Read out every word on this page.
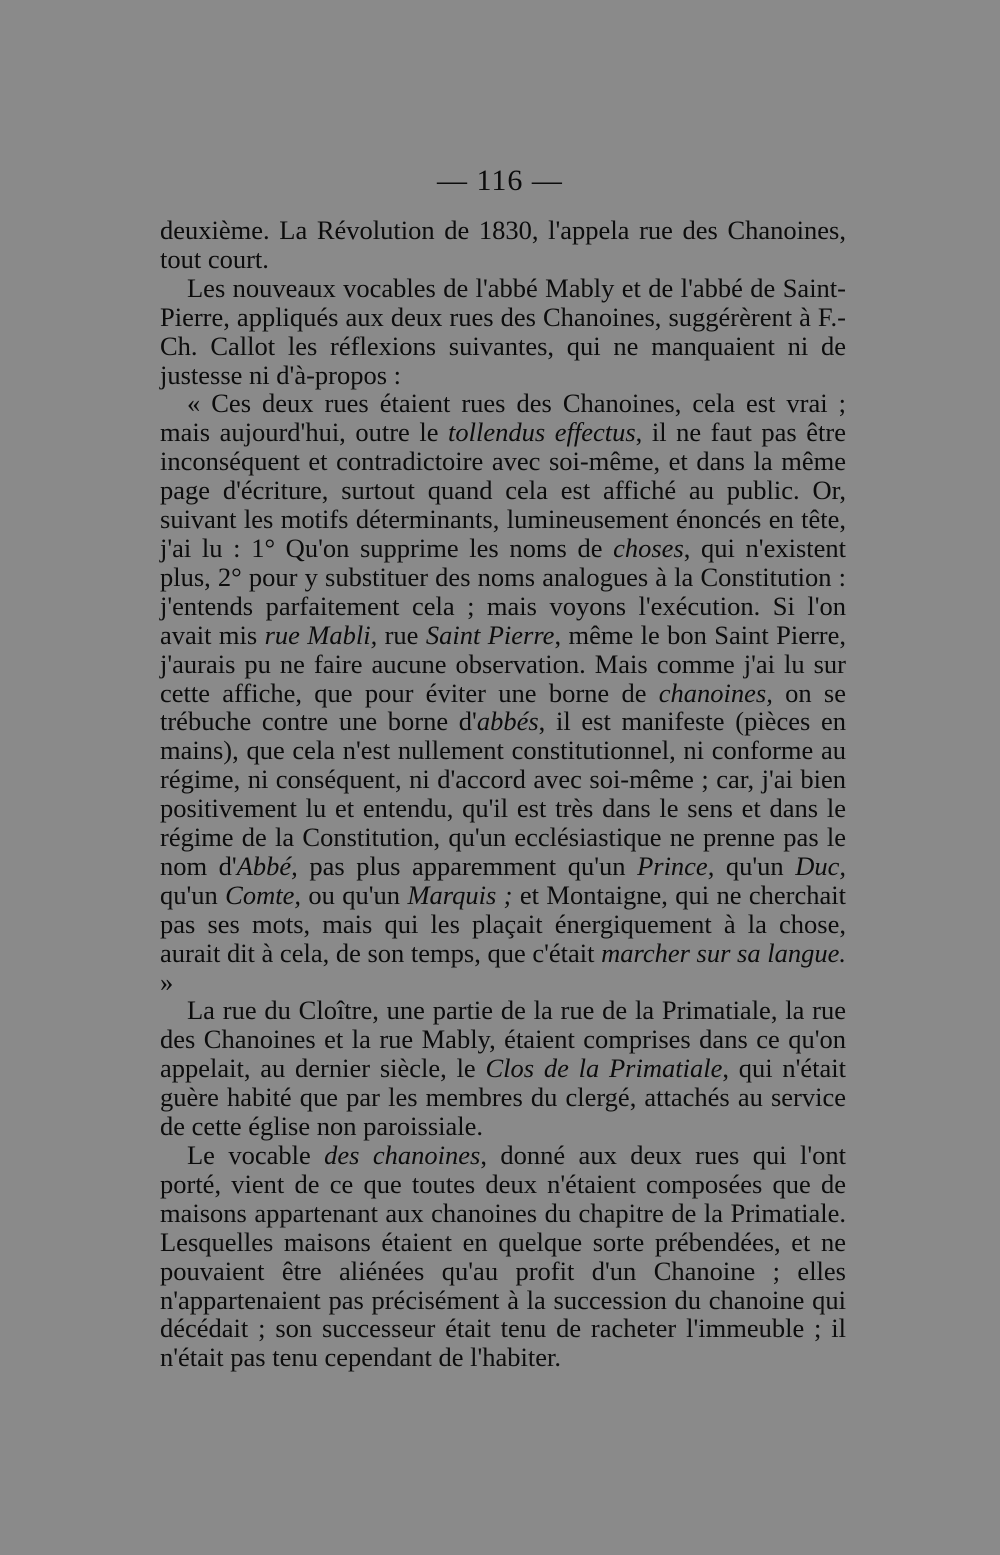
— 116 —

deuxième. La Révolution de 1830, l'appela rue des Chanoines, tout court.

Les nouveaux vocables de l'abbé Mably et de l'abbé de Saint-Pierre, appliqués aux deux rues des Chanoines, suggérèrent à F.-Ch. Callot les réflexions suivantes, qui ne manquaient ni de justesse ni d'à-propos :

« Ces deux rues étaient rues des Chanoines, cela est vrai ; mais aujourd'hui, outre le tollendus effectus, il ne faut pas être inconséquent et contradictoire avec soi-même, et dans la même page d'écriture, surtout quand cela est affiché au public. Or, suivant les motifs déterminants, lumineusement énoncés en tête, j'ai lu : 1° Qu'on supprime les noms de choses, qui n'existent plus, 2° pour y substituer des noms analogues à la Constitution : j'entends parfaitement cela ; mais voyons l'exécution. Si l'on avait mis rue Mabli, rue Saint Pierre, même le bon Saint Pierre, j'aurais pu ne faire aucune observation. Mais comme j'ai lu sur cette affiche, que pour éviter une borne de chanoines, on se trébuche contre une borne d'abbés, il est manifeste (pièces en mains), que cela n'est nullement constitutionnel, ni conforme au régime, ni conséquent, ni d'accord avec soi-même ; car, j'ai bien positivement lu et entendu, qu'il est très dans le sens et dans le régime de la Constitution, qu'un ecclésiastique ne prenne pas le nom d'Abbé, pas plus apparemment qu'un Prince, qu'un Duc, qu'un Comte, ou qu'un Marquis ; et Montaigne, qui ne cherchait pas ses mots, mais qui les plaçait énergiquement à la chose, aurait dit à cela, de son temps, que c'était marcher sur sa langue. »

La rue du Cloître, une partie de la rue de la Primatiale, la rue des Chanoines et la rue Mably, étaient comprises dans ce qu'on appelait, au dernier siècle, le Clos de la Primatiale, qui n'était guère habité que par les membres du clergé, attachés au service de cette église non paroissiale.

Le vocable des chanoines, donné aux deux rues qui l'ont porté, vient de ce que toutes deux n'étaient composées que de maisons appartenant aux chanoines du chapitre de la Primatiale. Lesquelles maisons étaient en quelque sorte prébendées, et ne pouvaient être aliénées qu'au profit d'un Chanoine ; elles n'appartenaient pas précisément à la succession du chanoine qui décédait ; son successeur était tenu de racheter l'immeuble ; il n'était pas tenu cependant de l'habiter.
